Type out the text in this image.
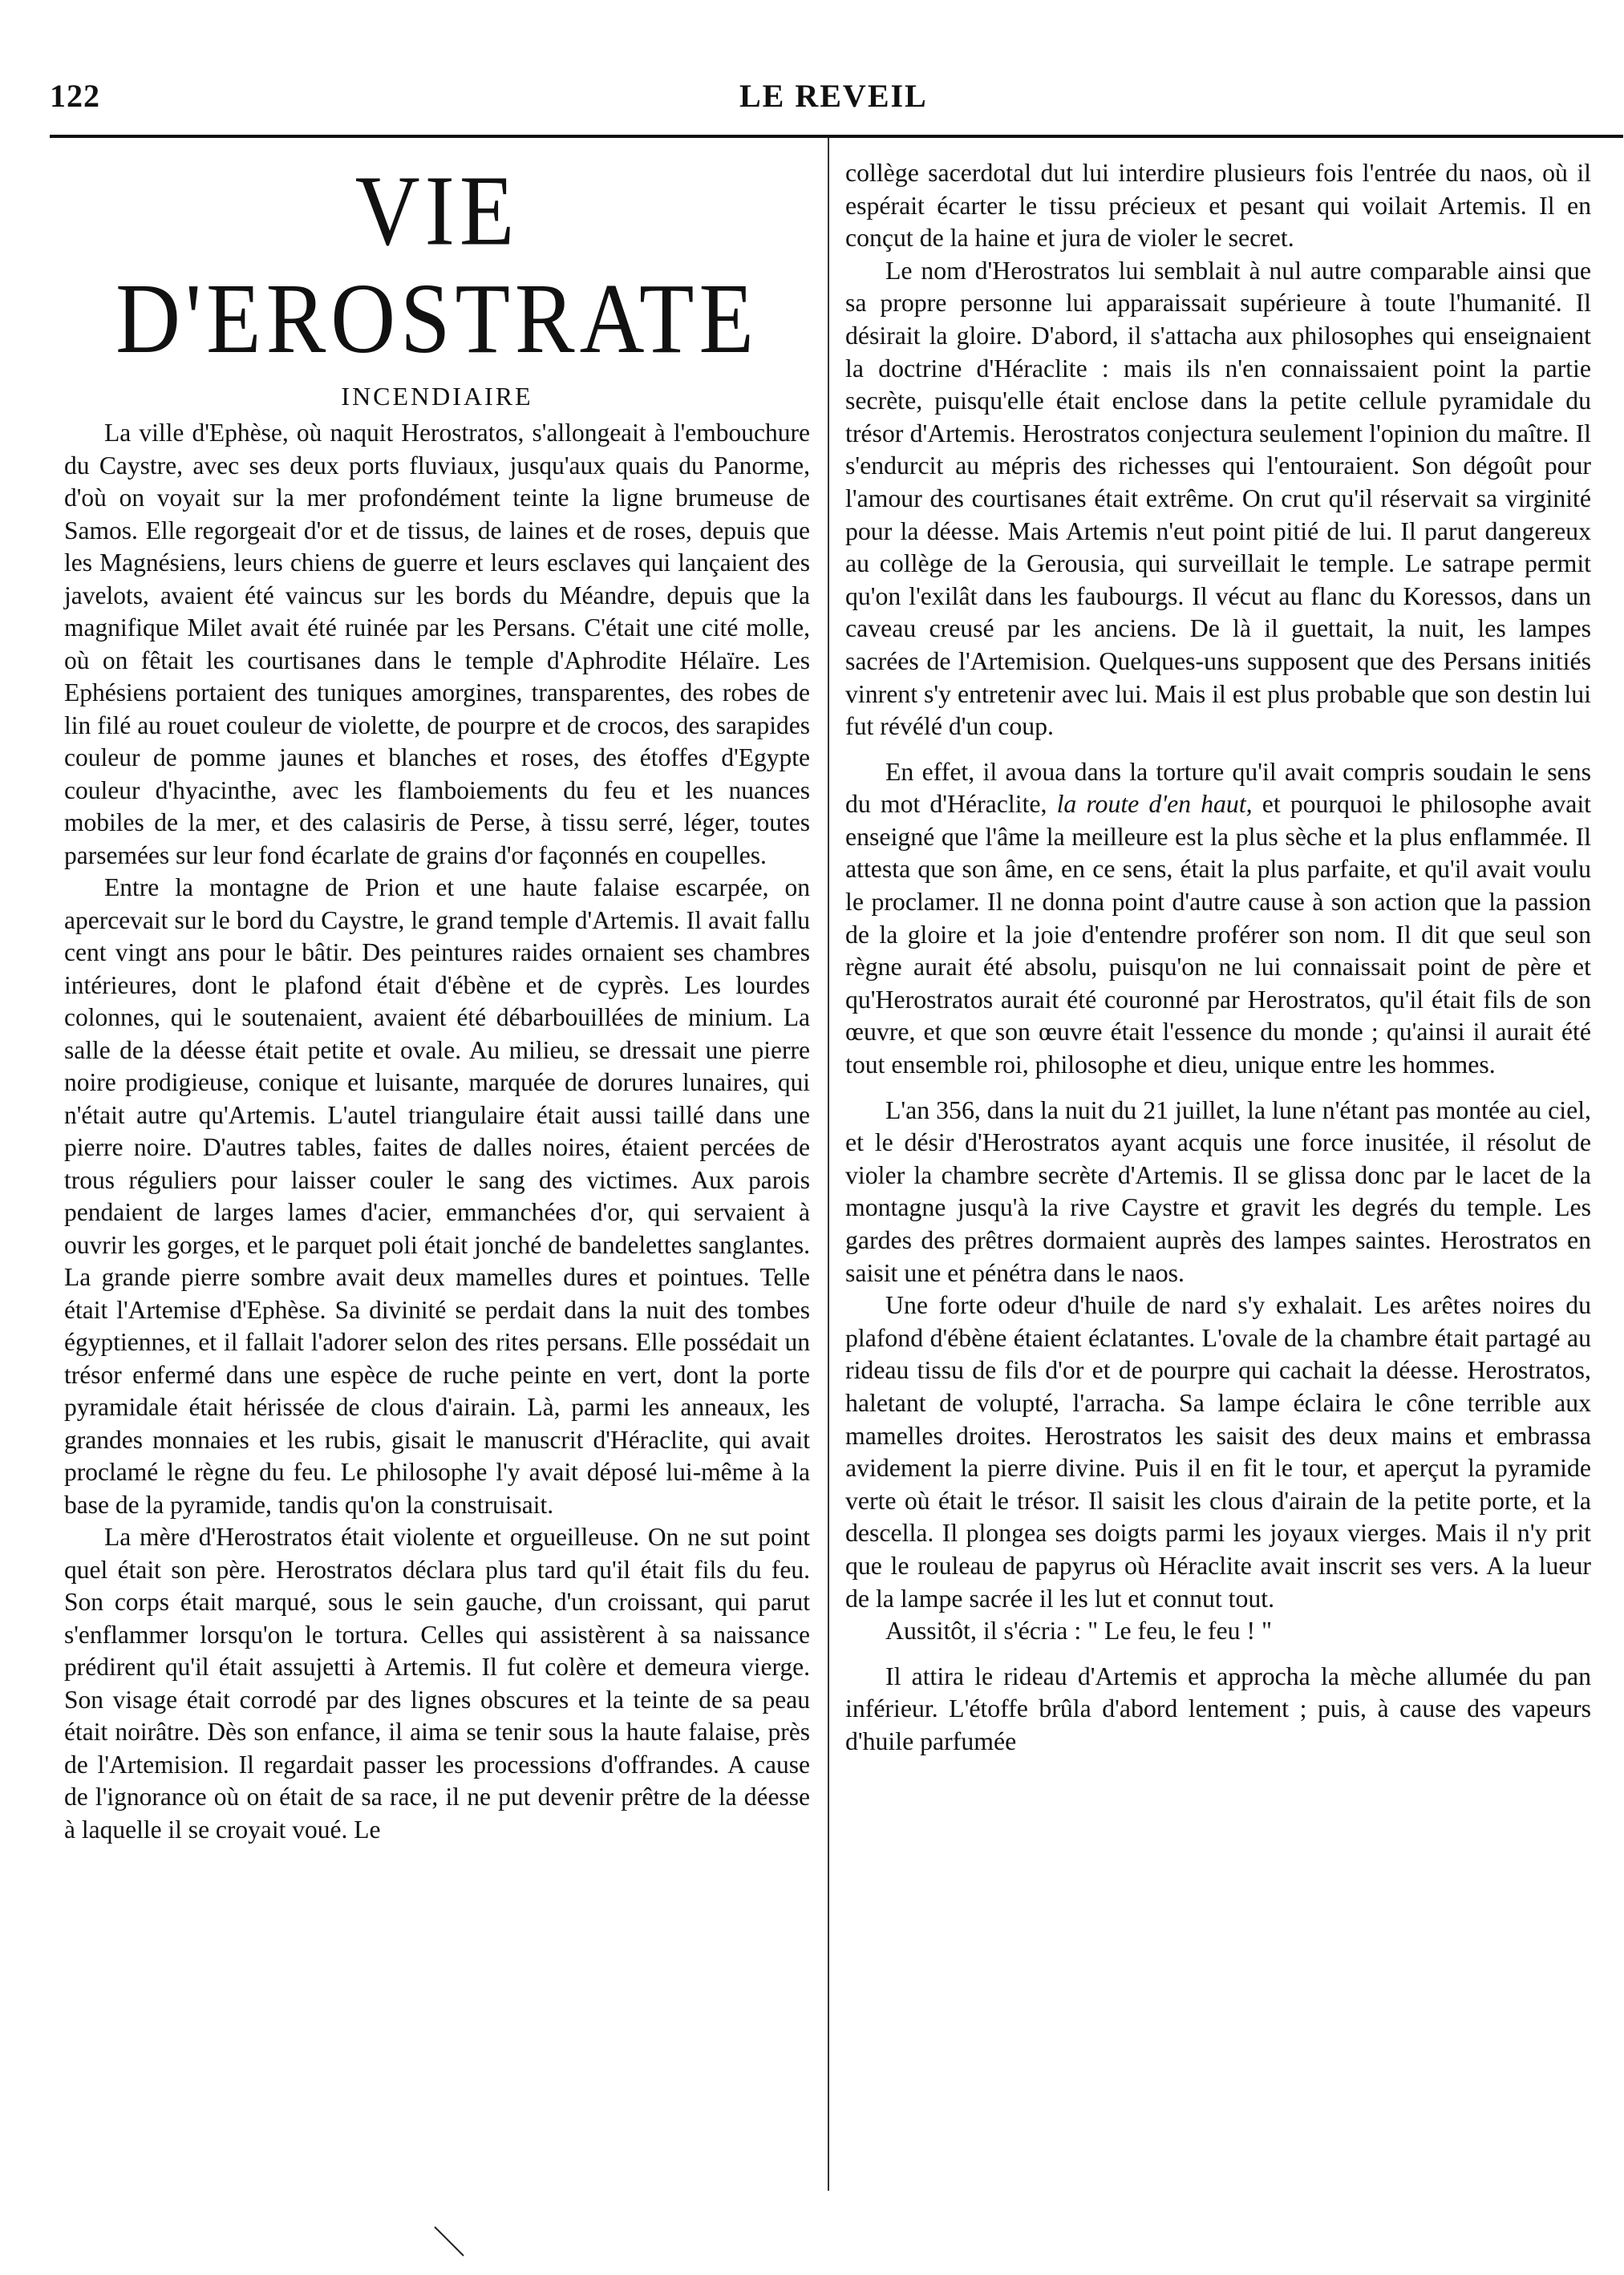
122	LE REVEIL
VIE D'EROSTRATE
INCENDIAIRE

La ville d'Ephèse, où naquit Herostratos, s'allongeait à l'embouchure du Caystre, avec ses deux ports fluviaux, jusqu'aux quais du Panorme, d'où on voyait sur la mer profondément teinte la ligne brumeuse de Samos. Elle regorgeait d'or et de tissus, de laines et de roses, depuis que les Magnésiens, leurs chiens de guerre et leurs esclaves qui lançaient des javelots, avaient été vaincus sur les bords du Méandre, depuis que la magnifique Milet avait été ruinée par les Persans. C'était une cité molle, où on fêtait les courtisanes dans le temple d'Aphrodite Hélaïre. Les Ephésiens portaient des tuniques amorgines, transparentes, des robes de lin filé au rouet couleur de violette, de pourpre et de crocos, des sarapides couleur de pomme jaunes et blanches et roses, des étoffes d'Egypte couleur d'hyacinthe, avec les flamboiements du feu et les nuances mobiles de la mer, et des calasiris de Perse, à tissu serré, léger, toutes parsemées sur leur fond écarlate de grains d'or façonnés en coupelles.

Entre la montagne de Prion et une haute falaise escarpée, on apercevait sur le bord du Caystre, le grand temple d'Artemis. Il avait fallu cent vingt ans pour le bâtir. Des peintures raides ornaient ses chambres intérieures, dont le plafond était d'ébène et de cyprès. Les lourdes colonnes, qui le soutenaient, avaient été débarbouillées de minium. La salle de la déesse était petite et ovale. Au milieu, se dressait une pierre noire prodigieuse, conique et luisante, marquée de dorures lunaires, qui n'était autre qu'Artemis. L'autel triangulaire était aussi taillé dans une pierre noire. D'autres tables, faites de dalles noires, étaient percées de trous réguliers pour laisser couler le sang des victimes. Aux parois pendaient de larges lames d'acier, emmanchées d'or, qui servaient à ouvrir les gorges, et le parquet poli était jonché de bandelettes sanglantes. La grande pierre sombre avait deux mamelles dures et pointues. Telle était l'Artemise d'Ephèse. Sa divinité se perdait dans la nuit des tombes égyptiennes, et il fallait l'adorer selon des rites persans. Elle possédait un trésor enfermé dans une espèce de ruche peinte en vert, dont la porte pyramidale était hérissée de clous d'airain. Là, parmi les anneaux, les grandes monnaies et les rubis, gisait le manuscrit d'Héraclite, qui avait proclamé le règne du feu. Le philosophe l'y avait déposé lui-même à la base de la pyramide, tandis qu'on la construisait.

La mère d'Herostratos était violente et orgueilleuse. On ne sut point quel était son père. Herostratos déclara plus tard qu'il était fils du feu. Son corps était marqué, sous le sein gauche, d'un croissant, qui parut s'enflammer lorsqu'on le tortura. Celles qui assistèrent à sa naissance prédirent qu'il était assujetti à Artemis. Il fut colère et demeura vierge. Son visage était corrodé par des lignes obscures et la teinte de sa peau était noirâtre. Dès son enfance, il aima se tenir sous la haute falaise, près de l'Artemision. Il regardait passer les processions d'offrandes. A cause de l'ignorance où on était de sa race, il ne put devenir prêtre de la déesse à laquelle il se croyait voué. Le

collège sacerdotal dut lui interdire plusieurs fois l'entrée du naos, où il espérait écarter le tissu précieux et pesant qui voilait Artemis. Il en conçut de la haine et jura de violer le secret.

Le nom d'Herostratos lui semblait à nul autre comparable ainsi que sa propre personne lui apparaissait supérieure à toute l'humanité. Il désirait la gloire. D'abord, il s'attacha aux philosophes qui enseignaient la doctrine d'Héraclite : mais ils n'en connaissaient point la partie secrète, puisqu'elle était enclose dans la petite cellule pyramidale du trésor d'Artemis. Herostratos conjectura seulement l'opinion du maître. Il s'endurcit au mépris des richesses qui l'entouraient. Son dégoût pour l'amour des courtisanes était extrême. On crut qu'il réservait sa virginité pour la déesse. Mais Artemis n'eut point pitié de lui. Il parut dangereux au collège de la Gerousia, qui surveillait le temple. Le satrape permit qu'on l'exilât dans les faubourgs. Il vécut au flanc du Koressos, dans un caveau creusé par les anciens. De là il guettait, la nuit, les lampes sacrées de l'Artemision. Quelques-uns supposent que des Persans initiés vinrent s'y entretenir avec lui. Mais il est plus probable que son destin lui fut révélé d'un coup.

En effet, il avoua dans la torture qu'il avait compris soudain le sens du mot d'Héraclite, la route d'en haut, et pourquoi le philosophe avait enseigné que l'âme la meilleure est la plus sèche et la plus enflammée. Il attesta que son âme, en ce sens, était la plus parfaite, et qu'il avait voulu le proclamer. Il ne donna point d'autre cause à son action que la passion de la gloire et la joie d'entendre proférer son nom. Il dit que seul son règne aurait été absolu, puisqu'on ne lui connaissait point de père et qu'Herostratos aurait été couronné par Herostratos, qu'il était fils de son œuvre, et que son œuvre était l'essence du monde ; qu'ainsi il aurait été tout ensemble roi, philosophe et dieu, unique entre les hommes.

L'an 356, dans la nuit du 21 juillet, la lune n'étant pas montée au ciel, et le désir d'Herostratos ayant acquis une force inusitée, il résolut de violer la chambre secrète d'Artemis. Il se glissa donc par le lacet de la montagne jusqu'à la rive Caystre et gravit les degrés du temple. Les gardes des prêtres dormaient auprès des lampes saintes. Herostratos en saisit une et pénétra dans le naos.

Une forte odeur d'huile de nard s'y exhalait. Les arêtes noires du plafond d'ébène étaient éclatantes. L'ovale de la chambre était partagé au rideau tissu de fils d'or et de pourpre qui cachait la déesse. Herostratos, haletant de volupté, l'arracha. Sa lampe éclaira le cône terrible aux mamelles droites. Herostratos les saisit des deux mains et embrassa avidement la pierre divine. Puis il en fit le tour, et aperçut la pyramide verte où était le trésor. Il saisit les clous d'airain de la petite porte, et la descella. Il plongea ses doigts parmi les joyaux vierges. Mais il n'y prit que le rouleau de papyrus où Héraclite avait inscrit ses vers. A la lueur de la lampe sacrée il les lut et connut tout.

Aussitôt, il s'écria : " Le feu, le feu ! "

Il attira le rideau d'Artemis et approcha la mèche allumée du pan inférieur. L'étoffe brûla d'abord lentement ; puis, à cause des vapeurs d'huile parfumée
